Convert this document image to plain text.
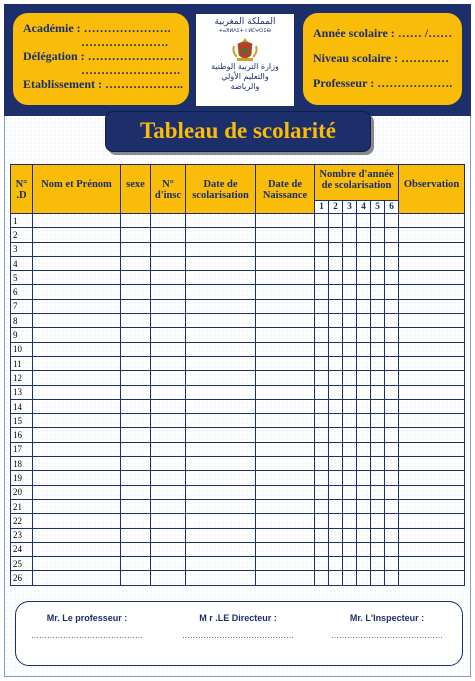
Académie : ………………….
………………….
Délégation : ……………………
…………………….
Etablissement : ………………..
المملكة المغربية
ⵜⴰⴳⵍⴷⵉⵜ ⵏ ⵍⵎⵖⵔⵉⴱ
وزارة التربية الوطنية
والتعليم الأولي
والرياضة
Année scolaire : …… /……
Niveau scolaire : …………
Professeur : ……………….
Tableau de scolarité
N° .D	Nom et Prénom	sexe	N° d'insc	Date de scolarisation	Date de Naissance	Nombre d'année de scolarisation						Observation
						1	2	3	4	5	6	
1												
2												
3												
4												
5												
6												
7												
8												
9												
10												
11												
12												
13												
14												
15												
16												
17												
18												
19												
20												
21												
22												
23												
24												
25												
26												
Mr. Le professeur :
……………………………………
M r .LE Directeur :
……………………………………
Mr. L'Inspecteur :
……………………………………
